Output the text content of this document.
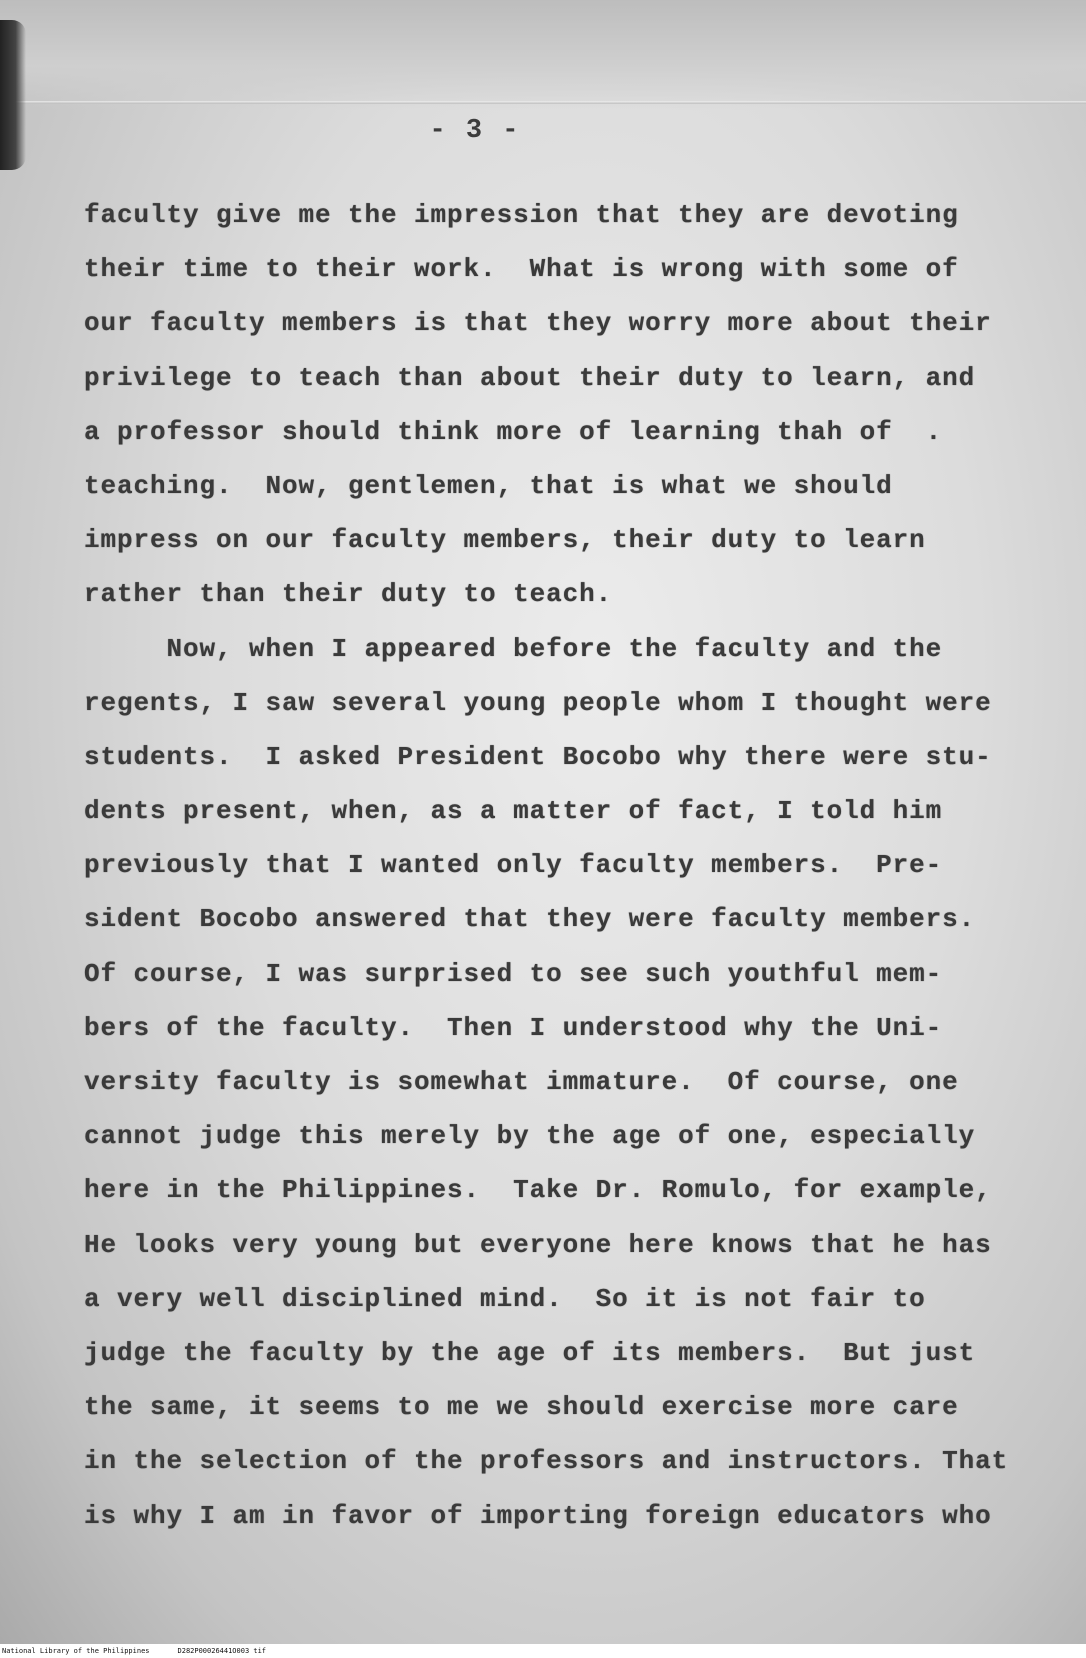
- 3 -
faculty give me the impression that they are devoting
their time to their work.  What is wrong with some of
our faculty members is that they worry more about their
privilege to teach than about their duty to learn, and
a professor should think more of learning thah of  .
teaching.  Now, gentlemen, that is what we should
impress on our faculty members, their duty to learn
rather than their duty to teach.
Now, when I appeared before the faculty and the
regents, I saw several young people whom I thought were
students.  I asked President Bocobo why there were stu-
dents present, when, as a matter of fact, I told him
previously that I wanted only faculty members.  Pre-
sident Bocobo answered that they were faculty members.
Of course, I was surprised to see such youthful mem-
bers of the faculty.  Then I understood why the Uni-
versity faculty is somewhat immature.  Of course, one
cannot judge this merely by the age of one, especially
here in the Philippines.  Take Dr. Romulo, for example,
He looks very young but everyone here knows that he has
a very well disciplined mind.  So it is not fair to
judge the faculty by the age of its members.  But just
the same, it seems to me we should exercise more care
in the selection of the professors and instructors. That
is why I am in favor of importing foreign educators who
National Library of the Philippines	D282P00026441O003 tif
